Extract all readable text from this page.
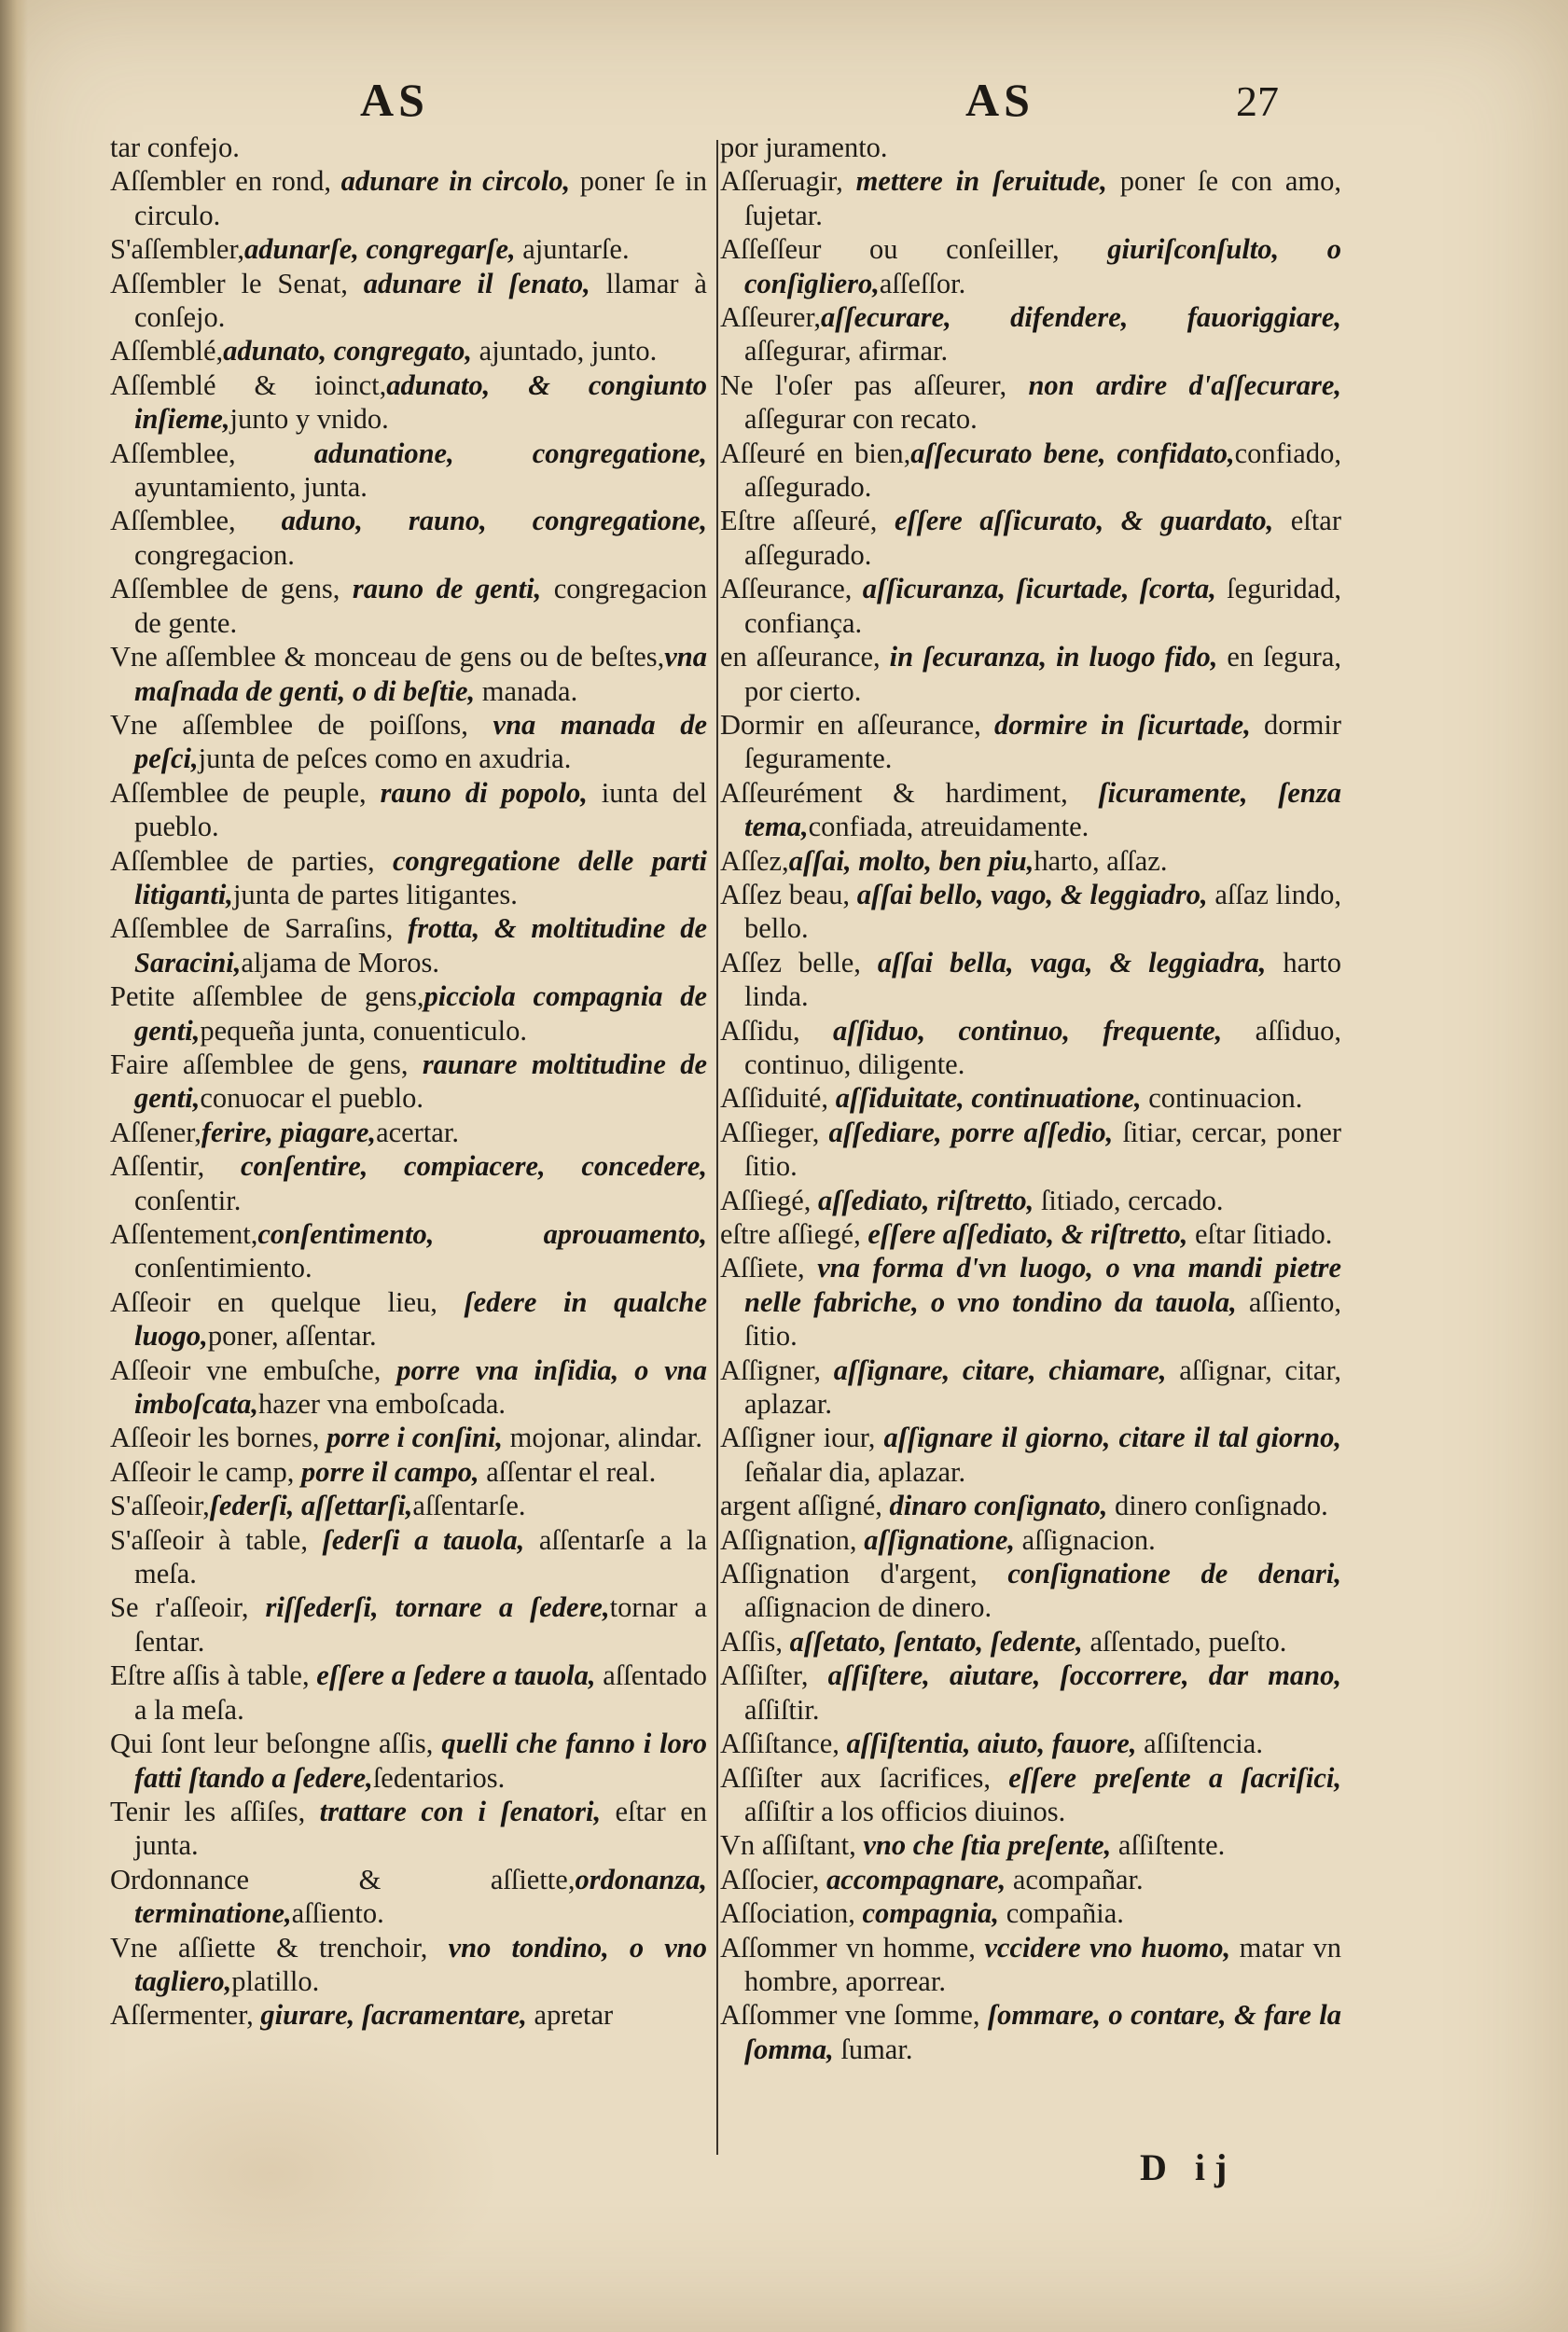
AS	AS	27

tar confejo.

Aſſembler en rond, adunare in circolo, poner ſe in circulo.

S'aſſembler,adunarſe, congregarſe, ajuntarſe.

Aſſembler le Senat, adunare il ſenato, llamar à conſejo.

Aſſemblé,adunato, congregato, ajuntado, junto.

Aſſemblé & ioinct,adunato, & congiunto inſieme,junto y vnido.

Aſſemblee, adunatione, congregatione, ayuntamiento, junta.

Aſſemblee, aduno, rauno, congregatione, congregacion.

Aſſemblee de gens, rauno de genti, congregacion de gente.

Vne aſſemblee & monceau de gens ou de beſtes,vna maſnada de genti, o di beſtie, manada.

Vne aſſemblee de poiſſons, vna manada de peſci,junta de peſces como en axudria.

Aſſemblee de peuple, rauno di popolo, iunta del pueblo.

Aſſemblee de parties, congregatione delle parti litiganti,junta de partes litigantes.

Aſſemblee de Sarraſins, frotta, & moltitudine de Saracini,aljama de Moros.

Petite aſſemblee de gens,picciola compagnia de genti,pequeña junta, conuenticulo.

Faire aſſemblee de gens, raunare moltitudine de genti,conuocar el pueblo.

Aſſener,ferire, piagare,acertar.

Aſſentir, conſentire, compiacere, concedere, conſentir.

Aſſentement,conſentimento, aprouamento, conſentimiento.

Aſſeoir en quelque lieu, ſedere in qualche luogo,poner, aſſentar.

Aſſeoir vne embuſche, porre vna inſidia, o vna imboſcata,hazer vna emboſcada.

Aſſeoir les bornes, porre i conſini, mojonar, alindar.

Aſſeoir le camp, porre il campo, aſſentar el real.

S'aſſeoir,ſederſi, aſſettarſi,aſſentarſe.

S'aſſeoir à table, ſederſi a tauola, aſſentarſe a la meſa.

Se r'aſſeoir, riſſederſi, tornare a ſedere,tornar a ſentar.

Eſtre aſſis à table, eſſere a ſedere a tauola, aſſentado a la meſa.

Qui ſont leur beſongne aſſis, quelli che fanno i loro fatti ſtando a ſedere,ſedentarios.

Tenir les aſſiſes, trattare con i ſenatori, eſtar en junta.

Ordonnance & aſſiette,ordonanza, terminatione,aſſiento.

Vne aſſiette & trenchoir, vno tondino, o vno tagliero,platillo.

Aſſermenter, giurare, ſacramentare, apretar

por juramento.

Aſſeruagir, mettere in ſeruitude, poner ſe con amo, ſujetar.

Aſſeſſeur ou conſeiller, giuriſconſulto, o conſigliero,aſſeſſor.

Aſſeurer,aſſecurare, difendere, fauoriggiare, aſſegurar, afirmar.

Ne l'oſer pas aſſeurer, non ardire d'aſſecurare, aſſegurar con recato.

Aſſeuré en bien,aſſecurato bene, confidato,confiado, aſſegurado.

Eſtre aſſeuré, eſſere aſſicurato, & guardato, eſtar aſſegurado.

Aſſeurance, aſſicuranza, ſicurtade, ſcorta, ſeguridad, confiança.

en aſſeurance, in ſecuranza, in luogo fido, en ſegura, por cierto.

Dormir en aſſeurance, dormire in ſicurtade, dormir ſeguramente.

Aſſeurément & hardiment, ſicuramente, ſenza tema,confiada, atreuidamente.

Aſſez,aſſai, molto, ben piu,harto, aſſaz.

Aſſez beau, aſſai bello, vago, & leggiadro, aſſaz lindo, bello.

Aſſez belle, aſſai bella, vaga, & leggiadra, harto linda.

Aſſidu, aſſiduo, continuo, frequente, aſſiduo, continuo, diligente.

Aſſiduité, aſſiduitate, continuatione, continuacion.

Aſſieger, aſſediare, porre aſſedio, ſitiar, cercar, poner ſitio.

Aſſiegé, aſſediato, riſtretto, ſitiado, cercado.

eſtre aſſiegé, eſſere aſſediato, & riſtretto, eſtar ſitiado.

Aſſiete, vna forma d'vn luogo, o vna mandi pietre nelle fabriche, o vno tondino da tauola, aſſiento, ſitio.

Aſſigner, aſſignare, citare, chiamare, aſſignar, citar, aplazar.

Aſſigner iour, aſſignare il giorno, citare il tal giorno, ſeñalar dia, aplazar.

argent aſſigné, dinaro conſignato, dinero conſignado.

Aſſignation, aſſignatione, aſſignacion.

Aſſignation d'argent, conſignatione de denari, aſſignacion de dinero.

Aſſis, aſſetato, ſentato, ſedente, aſſentado, pueſto.

Aſſiſter, aſſiſtere, aiutare, ſoccorrere, dar mano, aſſiſtir.

Aſſiſtance, aſſiſtentia, aiuto, fauore, aſſiſtencia.

Aſſiſter aux ſacrifices, eſſere preſente a ſacriſici, aſſiſtir a los officios diuinos.

Vn aſſiſtant, vno che ſtia preſente, aſſiſtente.

Aſſocier, accompagnare, acompañar.

Aſſociation, compagnia, compañia.

Aſſommer vn homme, vccidere vno huomo, matar vn hombre, aporrear.

Aſſommer vne ſomme, ſommare, o contare, & fare la ſomma, ſumar.

D ij
